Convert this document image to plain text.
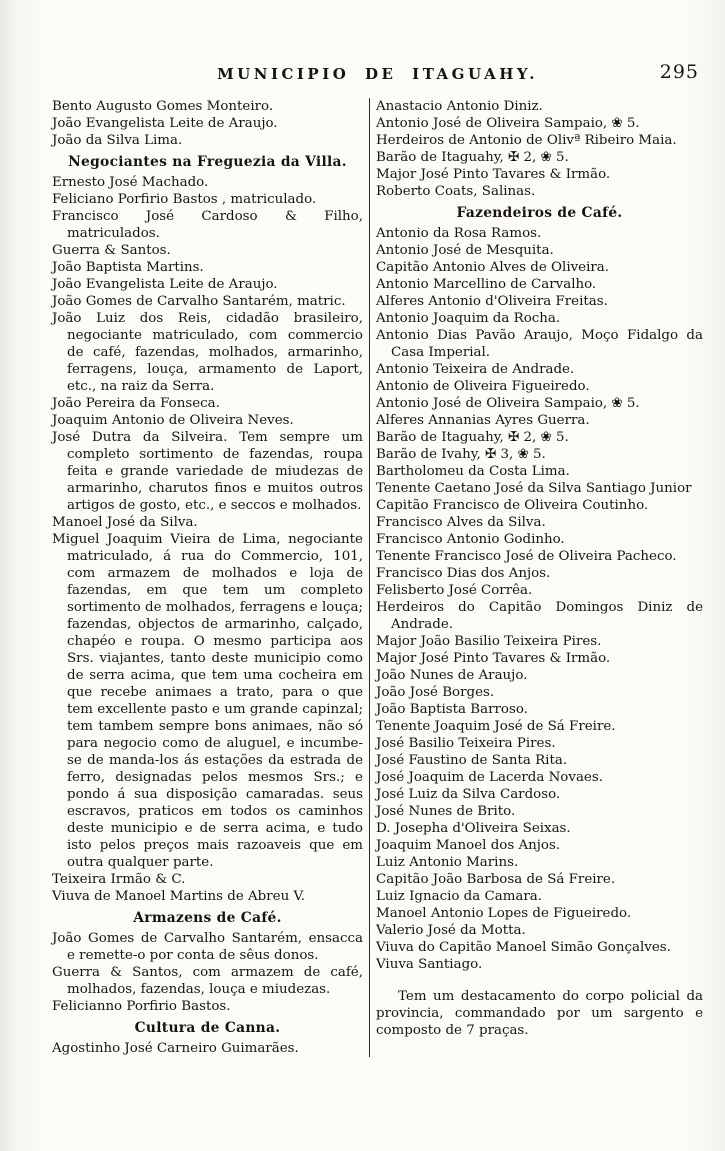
MUNICIPIO DE ITAGUAHY.	295

Bento Augusto Gomes Monteiro.

João Evangelista Leite de Araujo.

João da Silva Lima.

Negociantes na Freguezia da Villa.

Ernesto José Machado.

Feliciano Porfirio Bastos , matriculado.

Francisco José Cardoso & Filho, matriculados.

Guerra & Santos.

João Baptista Martins.

João Evangelista Leite de Araujo.

João Gomes de Carvalho Santarém, matric.

João Luiz dos Reis, cidadão brasileiro, negociante matriculado, com commercio de café, fazendas, molhados, armarinho, ferragens, louça, armamento de Laport, etc., na raiz da Serra.

João Pereira da Fonseca.

Joaquim Antonio de Oliveira Neves.

José Dutra da Silveira. Tem sempre um completo sortimento de fazendas, roupa feita e grande variedade de miudezas de armarinho, charutos finos e muitos outros artigos de gosto, etc., e seccos e molhados.

Manoel José da Silva.

Miguel Joaquim Vieira de Lima, negociante matriculado, á rua do Commercio, 101, com armazem de molhados e loja de fazendas, em que tem um completo sortimento de molhados, ferragens e louça; fazendas, objectos de armarinho, calçado, chapéo e roupa. O mesmo participa aos Srs. viajantes, tanto deste municipio como de serra acima, que tem uma cocheira em que recebe animaes a trato, para o que tem excellente pasto e um grande capinzal; tem tambem sempre bons animaes, não só para negocio como de aluguel, e incumbe-se de manda-los ás estações da estrada de ferro, designadas pelos mesmos Srs.; e pondo á sua disposição camaradas. seus escravos, praticos em todos os caminhos deste municipio e de serra acima, e tudo isto pelos preços mais razoaveis que em outra qualquer parte.

Teixeira Irmão & C.

Viuva de Manoel Martins de Abreu V.

Armazens de Café.

João Gomes de Carvalho Santarém, ensacca e remette-o por conta de sêus donos.

Guerra & Santos, com armazem de café, molhados, fazendas, louça e miudezas.

Felicianno Porfirio Bastos.

Cultura de Canna.

Agostinho José Carneiro Guimarães.

Anastacio Antonio Diniz.

Antonio José de Oliveira Sampaio, ❀ 5.

Herdeiros de Antonio de Olivª Ribeiro Maia.

Barão de Itaguahy, ✠ 2, ❀ 5.

Major José Pinto Tavares & Irmão.

Roberto Coats, Salinas.

Fazendeiros de Café.

Antonio da Rosa Ramos.

Antonio José de Mesquita.

Capitão Antonio Alves de Oliveira.

Antonio Marcellino de Carvalho.

Alferes Antonio d'Oliveira Freitas.

Antonio Joaquim da Rocha.

Antonio Dias Pavão Araujo, Moço Fidalgo da Casa Imperial.

Antonio Teixeira de Andrade.

Antonio de Oliveira Figueiredo.

Antonio José de Oliveira Sampaio, ❀ 5.

Alferes Annanias Ayres Guerra.

Barão de Itaguahy, ✠ 2, ❀ 5.

Barão de Ivahy, ✠ 3, ❀ 5.

Bartholomeu da Costa Lima.

Tenente Caetano José da Silva Santiago Junior

Capitão Francisco de Oliveira Coutinho.

Francisco Alves da Silva.

Francisco Antonio Godinho.

Tenente Francisco José de Oliveira Pacheco.

Francisco Dias dos Anjos.

Felisberto José Corrêa.

Herdeiros do Capitão Domingos Diniz de Andrade.

Major João Basilio Teixeira Pires.

Major José Pinto Tavares & Irmão.

João Nunes de Araujo.

João José Borges.

João Baptista Barroso.

Tenente Joaquim José de Sá Freire.

José Basilio Teixeira Pires.

José Faustino de Santa Rita.

José Joaquim de Lacerda Novaes.

José Luiz da Silva Cardoso.

José Nunes de Brito.

D. Josepha d'Oliveira Seixas.

Joaquim Manoel dos Anjos.

Luiz Antonio Marins.

Capitão João Barbosa de Sá Freire.

Luiz Ignacio da Camara.

Manoel Antonio Lopes de Figueiredo.

Valerio José da Motta.

Viuva do Capitão Manoel Simão Gonçalves.

Viuva Santiago.

Tem um destacamento do corpo policial da provincia, commandado por um sargento e composto de 7 praças.
